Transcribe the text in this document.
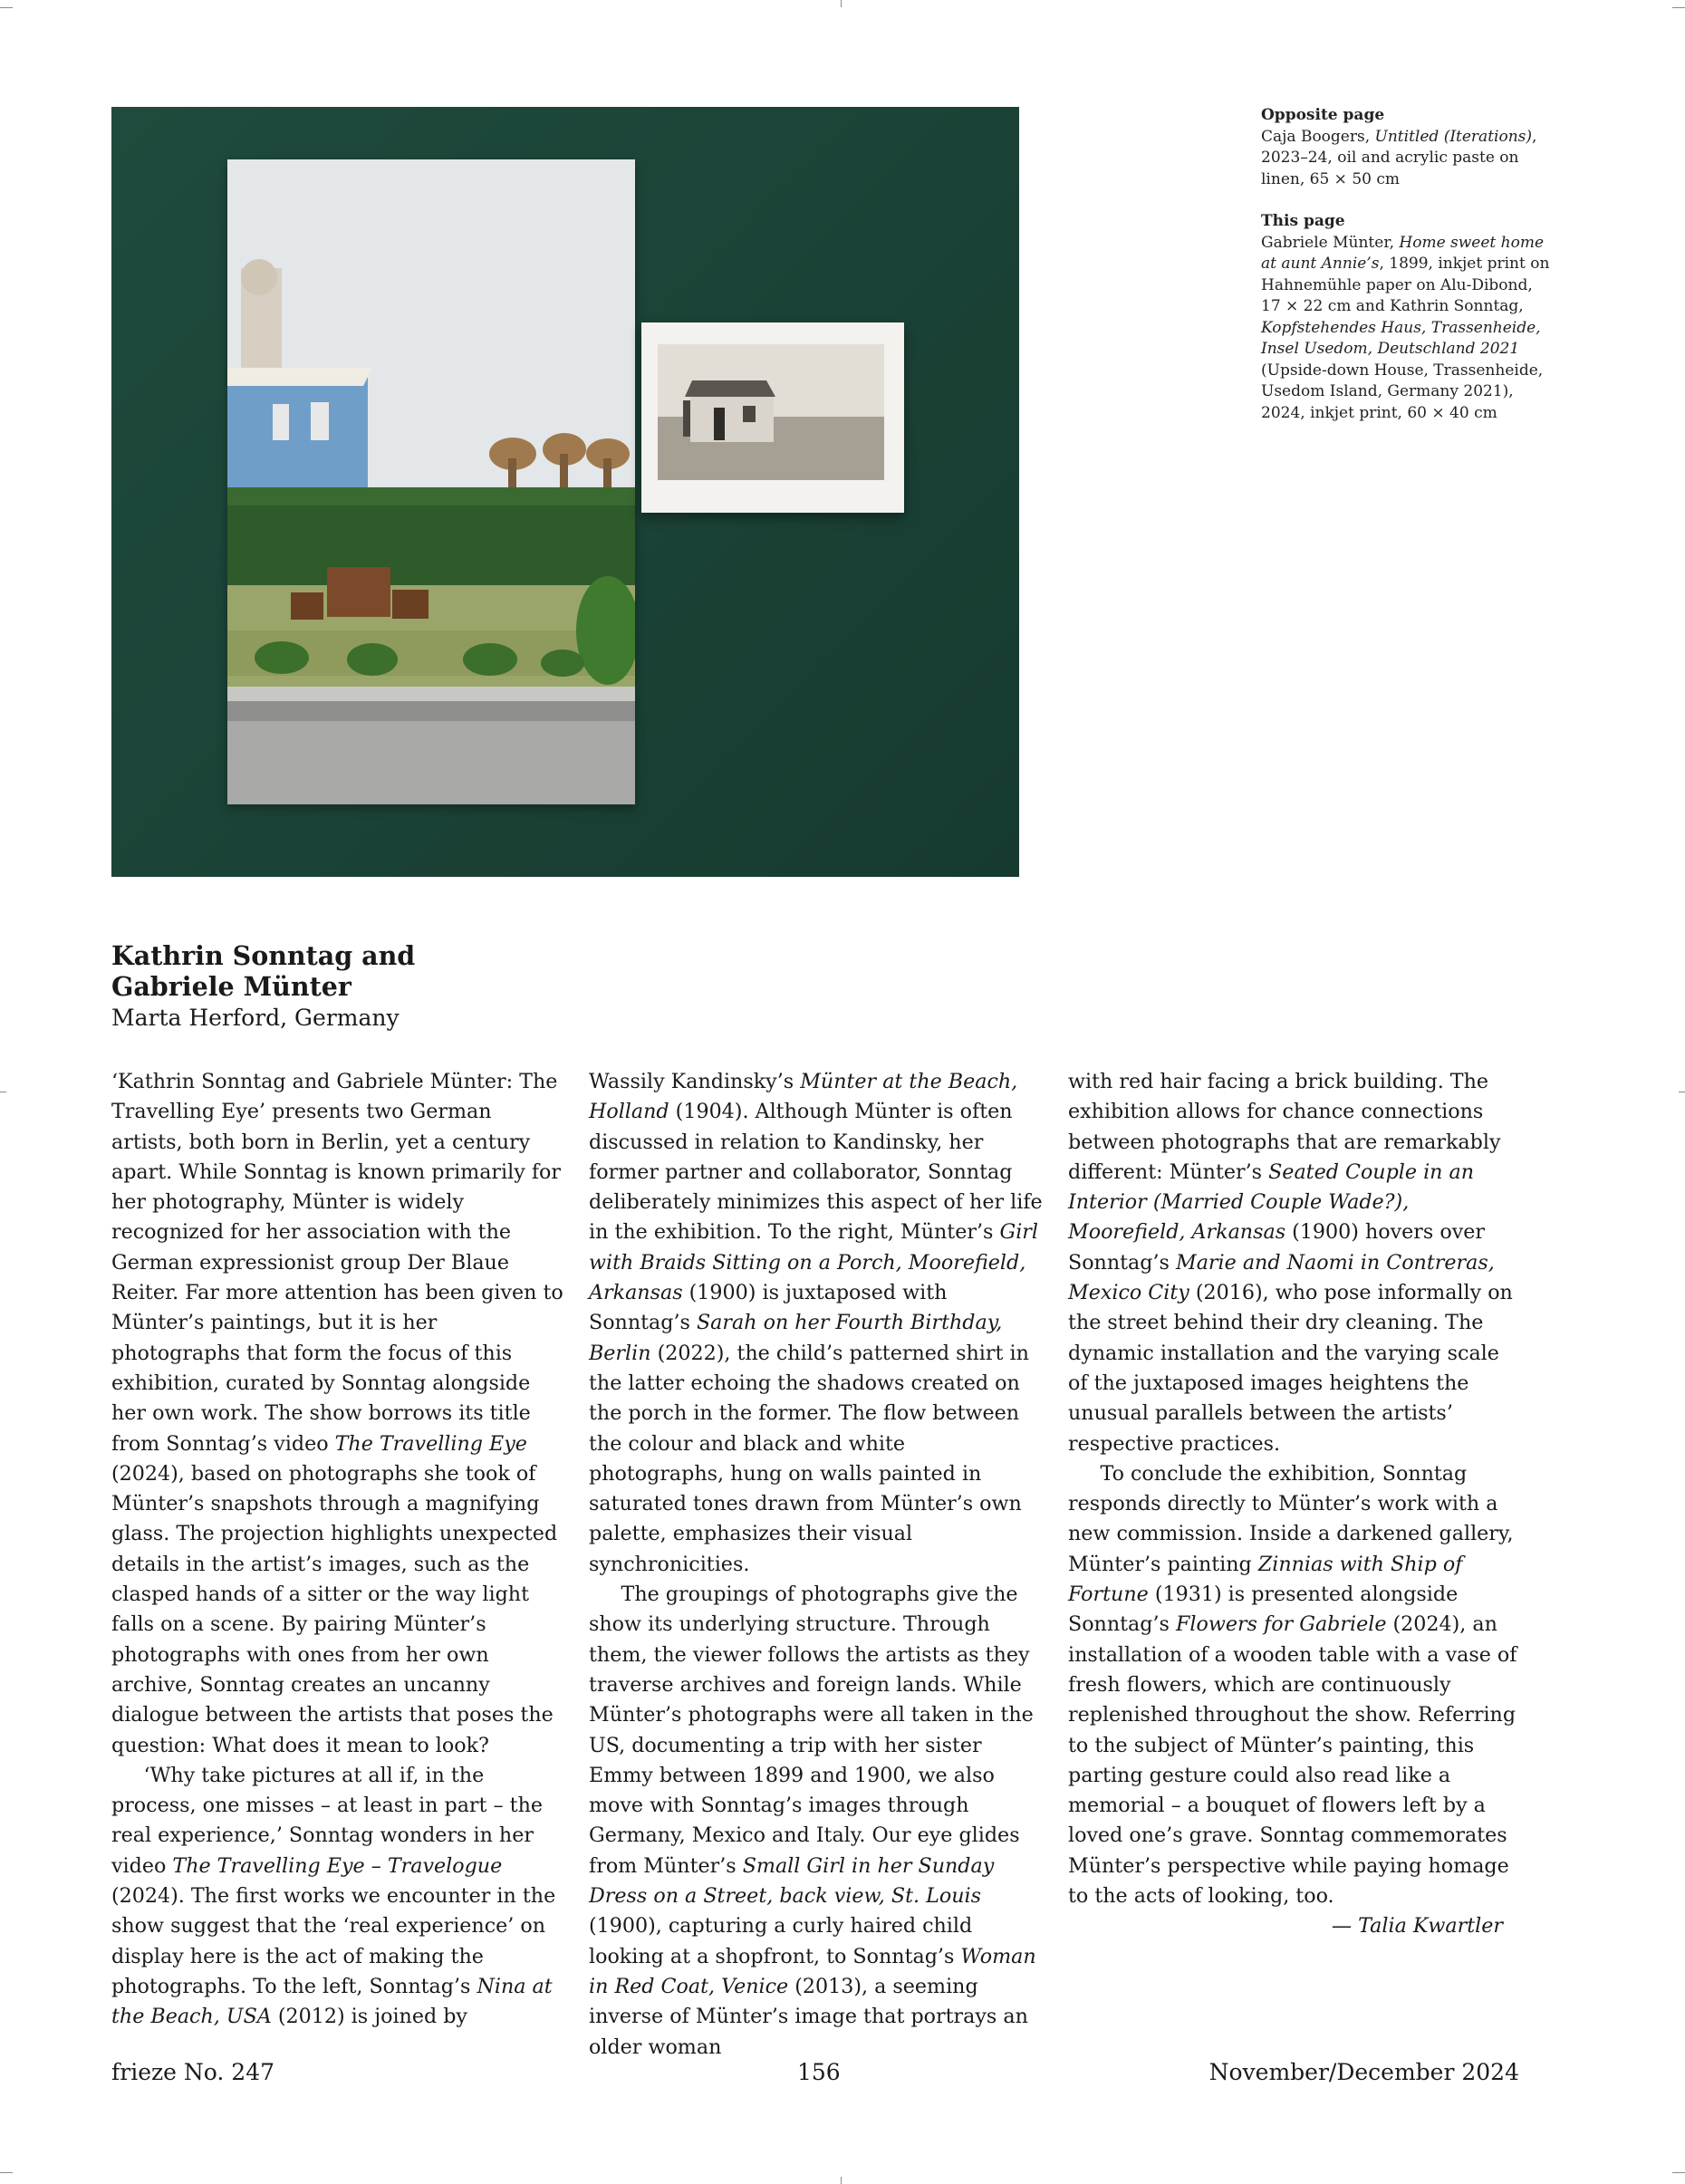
Opposite page
Caja Boogers, Untitled (Iterations), 2023–24, oil and acrylic paste on linen, 65 × 50 cm
This page
Gabriele Münter, Home sweet home at aunt Annie’s, 1899, inkjet print on Hahnemühle paper on Alu-Dibond, 17 × 22 cm and Kathrin Sonntag, Kopfstehendes Haus, Trassenheide, Insel Usedom, Deutschland 2021 (Upside-down House, Trassenheide, Usedom Island, Germany 2021), 2024, inkjet print, 60 × 40 cm
Kathrin Sonntag and
Gabriele Münter
Marta Herford, Germany

‘Kathrin Sonntag and Gabriele Münter: The Travelling Eye’ presents two German artists, both born in Berlin, yet a century apart. While Sonntag is known primarily for her photography, Münter is widely recognized for her association with the German expressionist group Der Blaue Reiter. Far more attention has been given to Münter’s paintings, but it is her photographs that form the focus of this exhibition, curated by Sonntag alongside her own work. The show borrows its title from Sonntag’s video The Travelling Eye (2024), based on photographs she took of Münter’s snapshots through a magnifying glass. The projection highlights unexpected details in the artist’s images, such as the clasped hands of a sitter or the way light falls on a scene. By pairing Münter’s photographs with ones from her own archive, Sonntag creates an uncanny dialogue between the artists that poses the question: What does it mean to look?

‘Why take pictures at all if, in the process, one misses – at least in part – the real experience,’ Sonntag wonders in her video The Travelling Eye – Travelogue (2024). The first works we encounter in the show suggest that the ‘real experience’ on display here is the act of making the photographs. To the left, Sonntag’s Nina at the Beach, USA (2012) is joined by

Wassily Kandinsky’s Münter at the Beach, Holland (1904). Although Münter is often discussed in relation to Kandinsky, her former partner and collaborator, Sonntag deliberately minimizes this aspect of her life in the exhibition. To the right, Münter’s Girl with Braids Sitting on a Porch, Moorefield, Arkansas (1900) is juxtaposed with Sonntag’s Sarah on her Fourth Birthday, Berlin (2022), the child’s patterned shirt in the latter echoing the shadows created on the porch in the former. The flow between the colour and black and white photographs, hung on walls painted in saturated tones drawn from Münter’s own palette, emphasizes their visual synchronicities.

The groupings of photographs give the show its underlying structure. Through them, the viewer follows the artists as they traverse archives and foreign lands. While Münter’s photographs were all taken in the US, documenting a trip with her sister Emmy between 1899 and 1900, we also move with Sonntag’s images through Germany, Mexico and Italy. Our eye glides from Münter’s Small Girl in her Sunday Dress on a Street, back view, St. Louis (1900), capturing a curly haired child looking at a shopfront, to Sonntag’s Woman in Red Coat, Venice (2013), a seeming inverse of Münter’s image that portrays an older woman

with red hair facing a brick building. The exhibition allows for chance connections between photographs that are remarkably different: Münter’s Seated Couple in an Interior (Married Couple Wade?), Moorefield, Arkansas (1900) hovers over Sonntag’s Marie and Naomi in Contreras, Mexico City (2016), who pose informally on the street behind their dry cleaning. The dynamic installation and the varying scale of the juxtaposed images heightens the unusual parallels between the artists’ respective practices.

To conclude the exhibition, Sonntag responds directly to Münter’s work with a new commission. Inside a darkened gallery, Münter’s painting Zinnias with Ship of Fortune (1931) is presented alongside Sonntag’s Flowers for Gabriele (2024), an installation of a wooden table with a vase of fresh flowers, which are continuously replenished throughout the show. Referring to the subject of Münter’s painting, this parting gesture could also read like a memorial – a bouquet of flowers left by a loved one’s grave. Sonntag commemorates Münter’s perspective while paying homage to the acts of looking, too.

— Talia Kwartler

frieze No. 247	156	November/December 2024
